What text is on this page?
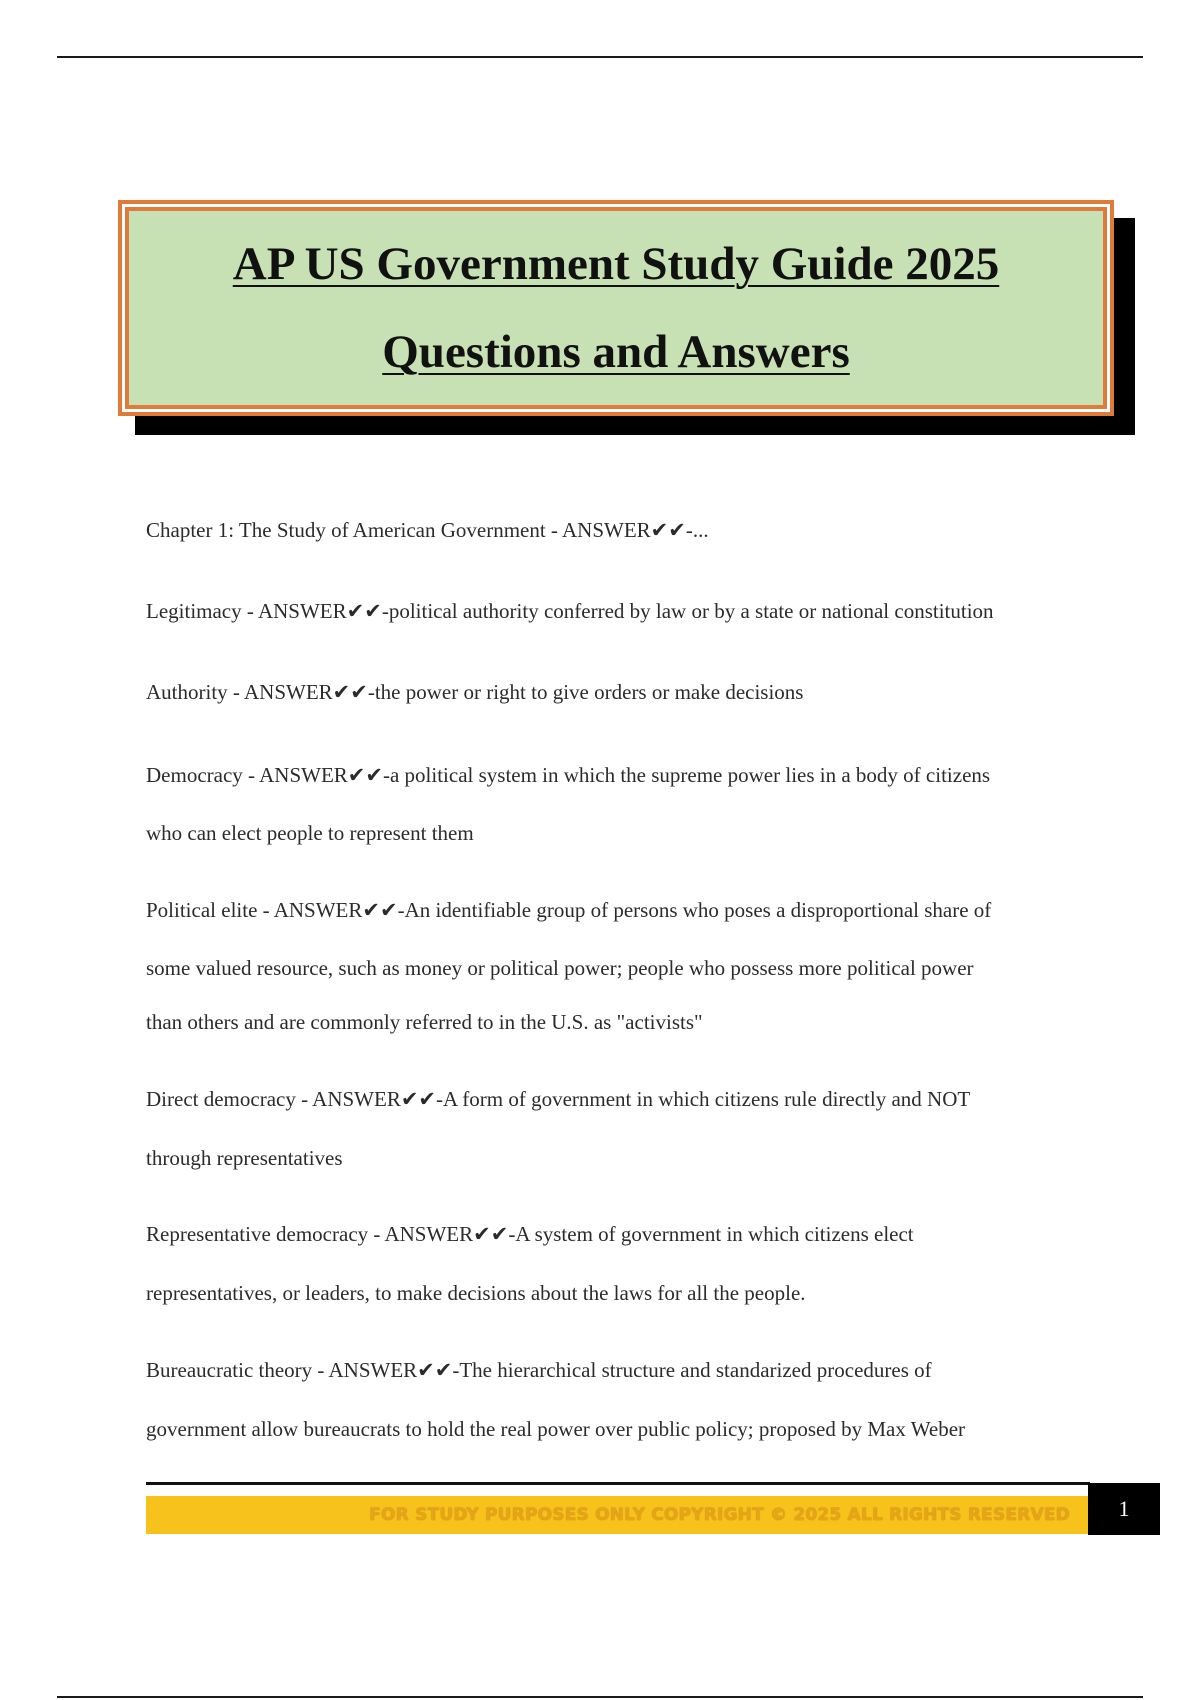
AP US Government Study Guide 2025
Questions and Answers
Chapter 1: The Study of American Government - ANSWER✔✔-...
Legitimacy - ANSWER✔✔-political authority conferred by law or by a state or national constitution
Authority - ANSWER✔✔-the power or right to give orders or make decisions
Democracy - ANSWER✔✔-a political system in which the supreme power lies in a body of citizens
who can elect people to represent them
Political elite - ANSWER✔✔-An identifiable group of persons who poses a disproportional share of
some valued resource, such as money or political power; people who possess more political power
than others and are commonly referred to in the U.S. as "activists"
Direct democracy - ANSWER✔✔-A form of government in which citizens rule directly and NOT
through representatives
Representative democracy - ANSWER✔✔-A system of government in which citizens elect
representatives, or leaders, to make decisions about the laws for all the people.
Bureaucratic theory - ANSWER✔✔-The hierarchical structure and standarized procedures of
government allow bureaucrats to hold the real power over public policy; proposed by Max Weber
FOR STUDY PURPOSES ONLY COPYRIGHT © 2025 ALL RIGHTS RESERVED 1
